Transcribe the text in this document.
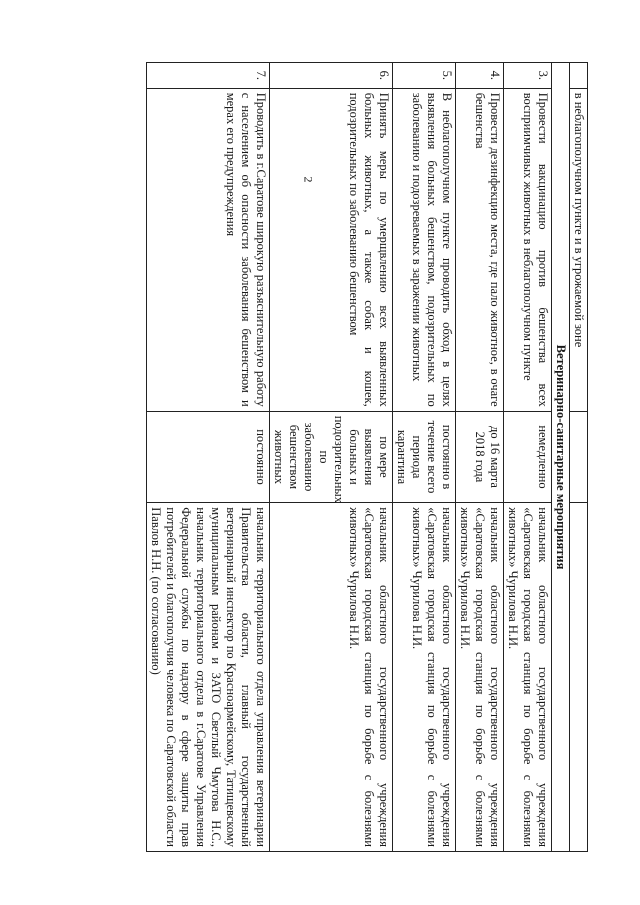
2
		в неблагополучном пункте и в угрожаемой зоне		
Ветеринарно-санитарные мероприятия			
3.	Провести вакцинацию против бешенства всех восприимчивых животных в неблагополучном пункте	немедленно	начальник областного государственного учреждения «Саратовская городская станция по борьбе с болезнями животных» Чурилова Н.И.
4.	Провести дезинфекцию места, где пало животное, в очаге бешенства	до 16 марта 2018 года	начальник областного государственного учреждения «Саратовская городская станция по борьбе с болезнями животных» Чурилова Н.И.
5.	В неблагополучном пункте проводить обход в целях выявления больных бешенством, подозрительных по заболеванию и подозреваемых в заражении животных	постоянно в течение всего периода карантина	начальник областного государственного учреждения «Саратовская городская станция по борьбе с болезнями животных» Чурилова Н.И.
6.	Принять меры по умерщвлению всех выявленных больных животных, а также собак и кошек, подозрительных по заболеванию бешенством	по мере выявления больных и подозрительных по заболеванию бешенством животных	начальник областного государственного учреждения «Саратовская городская станция по борьбе с болезнями животных» Чурилова Н.И.
7.	Проводить в г.Саратове широкую разъяснительную работу с населением об опасности заболевания бешенством и мерах его предупреждения	постоянно	начальник территориального отдела управления ветеринарии Правительства области, главный государственный ветеринарный инспектор по Красноармейскому, Татищевскому муниципальным районам и ЗАТО Светлый Чмутова Н.С., начальник территориального отдела в г.Саратове Управления Федеральной службы по надзору в сфере защиты прав потребителей и благополучия человека по Саратовской области Павлов Н.Н. (по согласованию)
